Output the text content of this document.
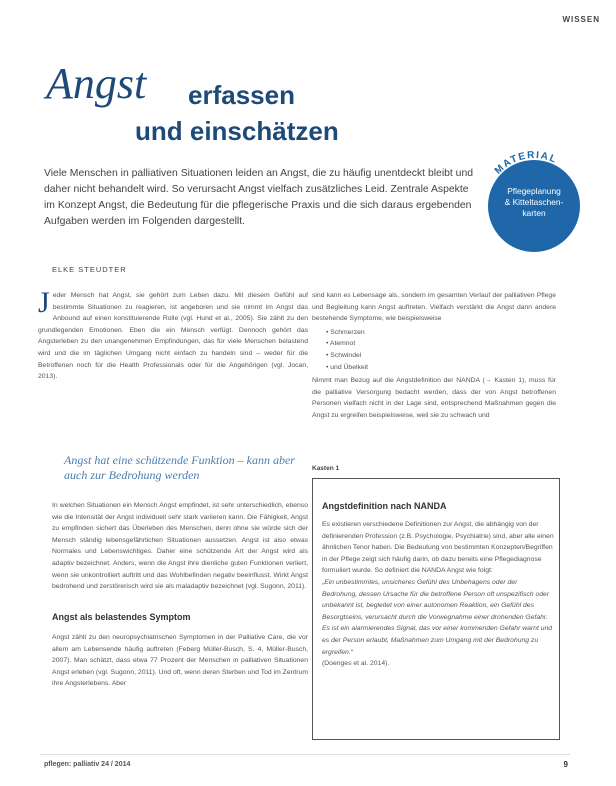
WISSEN
Angst erfassen
und einschätzen
Viele Menschen in palliativen Situationen leiden an Angst, die zu häufig unentdeckt bleibt und daher nicht behandelt wird. So verursacht Angst vielfach zusätzliches Leid. Zentrale Aspekte im Konzept Angst, die Bedeutung für die pflegerische Praxis und die sich daraus ergebenden Aufgaben werden im Folgenden dargestellt.
MATERIAL
Pflegeplanung
& Kitteltaschen-
karten
ELKE STEUDTER
Jeder Mensch hat Angst, sie gehört zum Leben dazu. Mit diesem Gefühl auf bestimmte Situationen zu reagieren, ist angeboren und sie nimmt im Angst das Anbound auf einen konstituierende Rolle (vgl. Hund et al., 2005). Sie zählt zu den grundlegenden Emotionen. Eben die ein Mensch verfügt. Dennoch gehört das Angsterleben zu den unangenehmen Empfindungen, das für viele Menschen belastend wird und die im täglichen Umgang nicht einfach zu handeln sind – weder für die Betroffenen noch für die Health Professionals oder für die Angehörigen (vgl. Jocan, 2013).
Angst hat eine schützende Funktion – kann aber auch zur Bedrohung werden
In welchen Situationen ein Mensch Angst empfindet, ist sehr unterschiedlich, ebenso wie die Intensität der Angst individuell sehr stark variieren kann. Die Fähigkeit, Angst zu empfinden sichert das Überleben des Menschen, denn ohne sie würde sich der Mensch ständig lebensgefährlichen Situationen aussetzen. Angst ist also etwas Normales und Lebenswichtiges. Daher eine schützende Art der Angst wird als adaptiv bezeichnet. Anders, wenn die Angst ihre dienliche guten Funktionen verliert, wenn sie unkontrolliert auftritt und das Wohlbefinden negativ beeinflusst. Wirkt Angst bedrohend und zerstörerisch wird sie als maladaptiv bezeichnet (vgl. Sugonn, 2011).
Angst als belastendes Symptom
Angst zählt zu den neuropsychiatrischen Symptomen in der Palliative Care, die vor allem am Lebensende häufig auftreten (Feberg Müller-Busch, S. 4, Müller-Busch, 2007). Man schätzt, dass etwa 77 Prozent der Menschen in palliativen Situationen Angst erleben (vgl. Sugonn, 2011). Und oft, wenn deren Sterben und Tod im Zentrum ihre Angsterlebens. Aber
sind kann es Lebensage als, sondern im gesamten Verlauf der palliativen Pflege und Begleitung kann Angst auftreten. Vielfach verstärkt die Angst dann andere bestehende Symptome, wie beispielsweise
• Schmerzen
• Atemnot
• Schwindel
• und Übelkeit
Nimmt man Bezug auf die Angstdefinition der NANDA (→ Kasten 1), muss für die palliative Versorgung bedacht werden, dass der von Angst betroffenen Personen vielfach nicht in der Lage sind, entsprechend Maßnahmen gegen die Angst zu ergreifen beispielsweise, weil sie zu schwach und
Kasten 1
Angstdefinition nach NANDA
Es existieren verschiedene Definitionen zur Angst, die abhängig von der definierenden Profession (z.B. Psychologie, Psychiatrie) sind, aber alle einen ähnlichen Tenor haben. Die Bedeutung von bestimmten Konzepten/Begriffen in der Pflege zeigt sich häufig darin, ob dazu bereits eine Pflegediagnose formuliert wurde. So definiert die NANDA Angst wie folgt:
„Ein unbestimmtes, unsicheres Gefühl des Unbehagens oder der Bedrohung, dessen Ursache für die betroffene Person oft unspezifisch oder unbekannt ist, begleitet von einer autonomen Reaktion, ein Gefühl des Besorgtseins, verursacht durch die Vorwegnahme einer drohenden Gefahr. Es ist ein alarmierendes Signal, das vor einer kommenden Gefahr warnt und es der Person erlaubt, Maßnahmen zum Umgang mit der Bedrohung zu ergreifen.“
(Doenges et al. 2014).
pflegen: palliativ 24 / 2014	9
